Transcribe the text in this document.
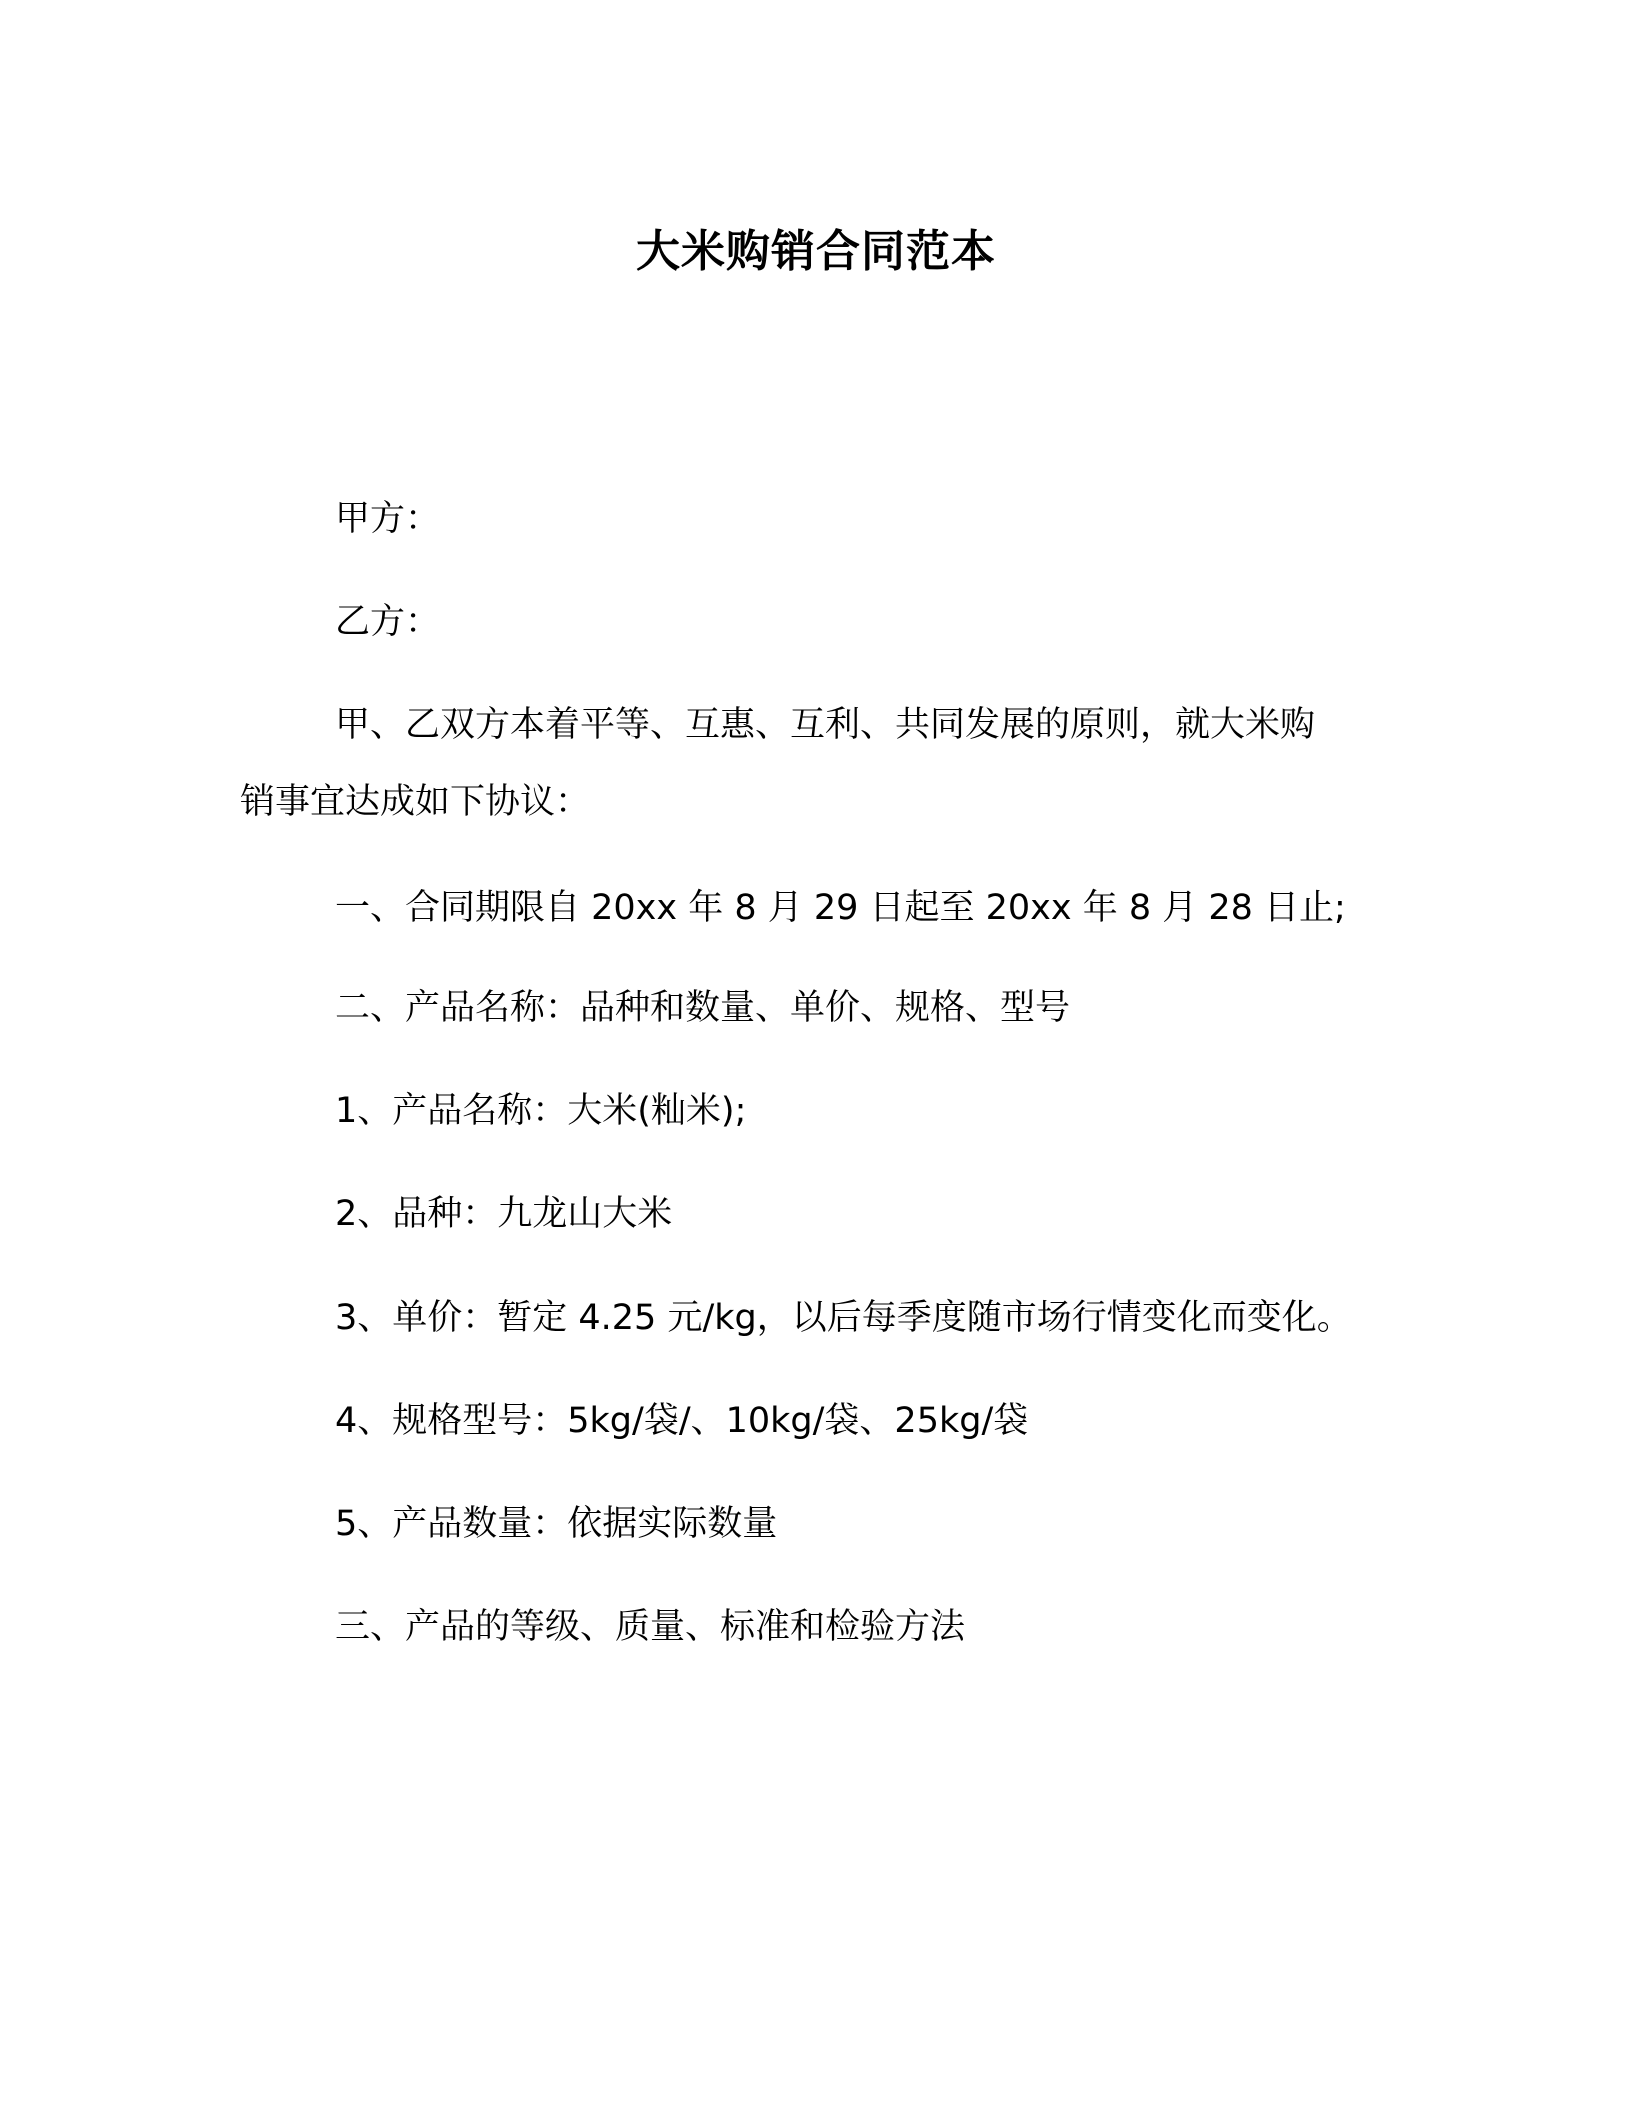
大米购销合同范本
甲方：
乙方：
甲、乙双方本着平等、互惠、互利、共同发展的原则，就大米购
销事宜达成如下协议：
一、合同期限自 20xx 年 8 月 29 日起至 20xx 年 8 月 28 日止;
二、产品名称：品种和数量、单价、规格、型号
1、产品名称：大米(籼米);
2、品种：九龙山大米
3、单价：暂定 4.25 元/kg，以后每季度随市场行情变化而变化。
4、规格型号：5kg/袋/、10kg/袋、25kg/袋
5、产品数量：依据实际数量
三、产品的等级、质量、标准和检验方法
